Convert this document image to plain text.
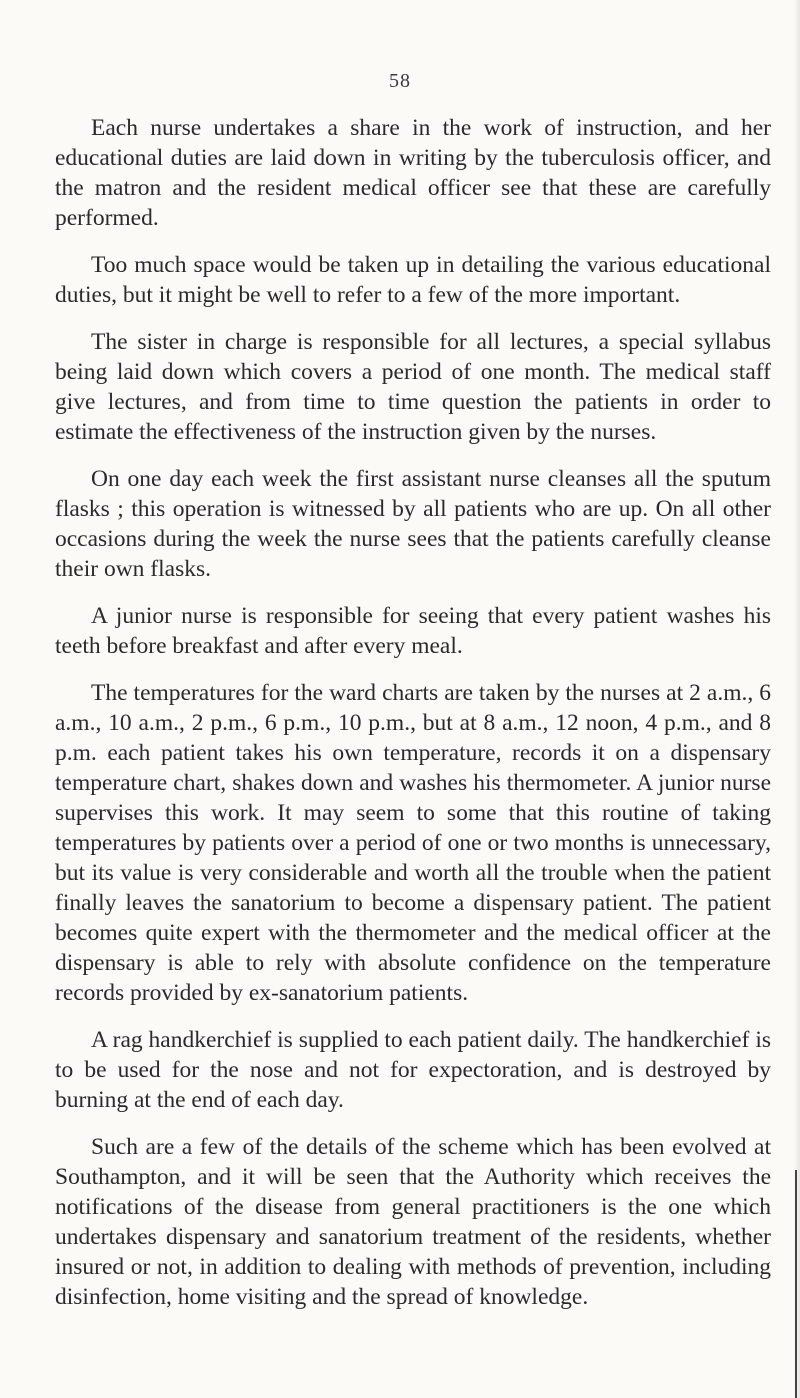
58

Each nurse undertakes a share in the work of instruction, and her educational duties are laid down in writing by the tuberculosis officer, and the matron and the resident medical officer see that these are carefully performed.

Too much space would be taken up in detailing the various educational duties, but it might be well to refer to a few of the more important.

The sister in charge is responsible for all lectures, a special syllabus being laid down which covers a period of one month. The medical staff give lectures, and from time to time question the patients in order to estimate the effectiveness of the instruction given by the nurses.

On one day each week the first assistant nurse cleanses all the sputum flasks ; this operation is witnessed by all patients who are up. On all other occasions during the week the nurse sees that the patients carefully cleanse their own flasks.

A junior nurse is responsible for seeing that every patient washes his teeth before breakfast and after every meal.

The temperatures for the ward charts are taken by the nurses at 2 a.m., 6 a.m., 10 a.m., 2 p.m., 6 p.m., 10 p.m., but at 8 a.m., 12 noon, 4 p.m., and 8 p.m. each patient takes his own temperature, records it on a dispensary temperature chart, shakes down and washes his thermometer. A junior nurse supervises this work. It may seem to some that this routine of taking temperatures by patients over a period of one or two months is unnecessary, but its value is very considerable and worth all the trouble when the patient finally leaves the sanatorium to become a dispensary patient. The patient becomes quite expert with the thermometer and the medical officer at the dispensary is able to rely with absolute confidence on the temperature records provided by ex-sanatorium patients.

A rag handkerchief is supplied to each patient daily. The handkerchief is to be used for the nose and not for expectoration, and is destroyed by burning at the end of each day.

Such are a few of the details of the scheme which has been evolved at Southampton, and it will be seen that the Authority which receives the notifications of the disease from general practitioners is the one which undertakes dispensary and sanatorium treatment of the residents, whether insured or not, in addition to dealing with methods of prevention, including disinfection, home visiting and the spread of knowledge.
